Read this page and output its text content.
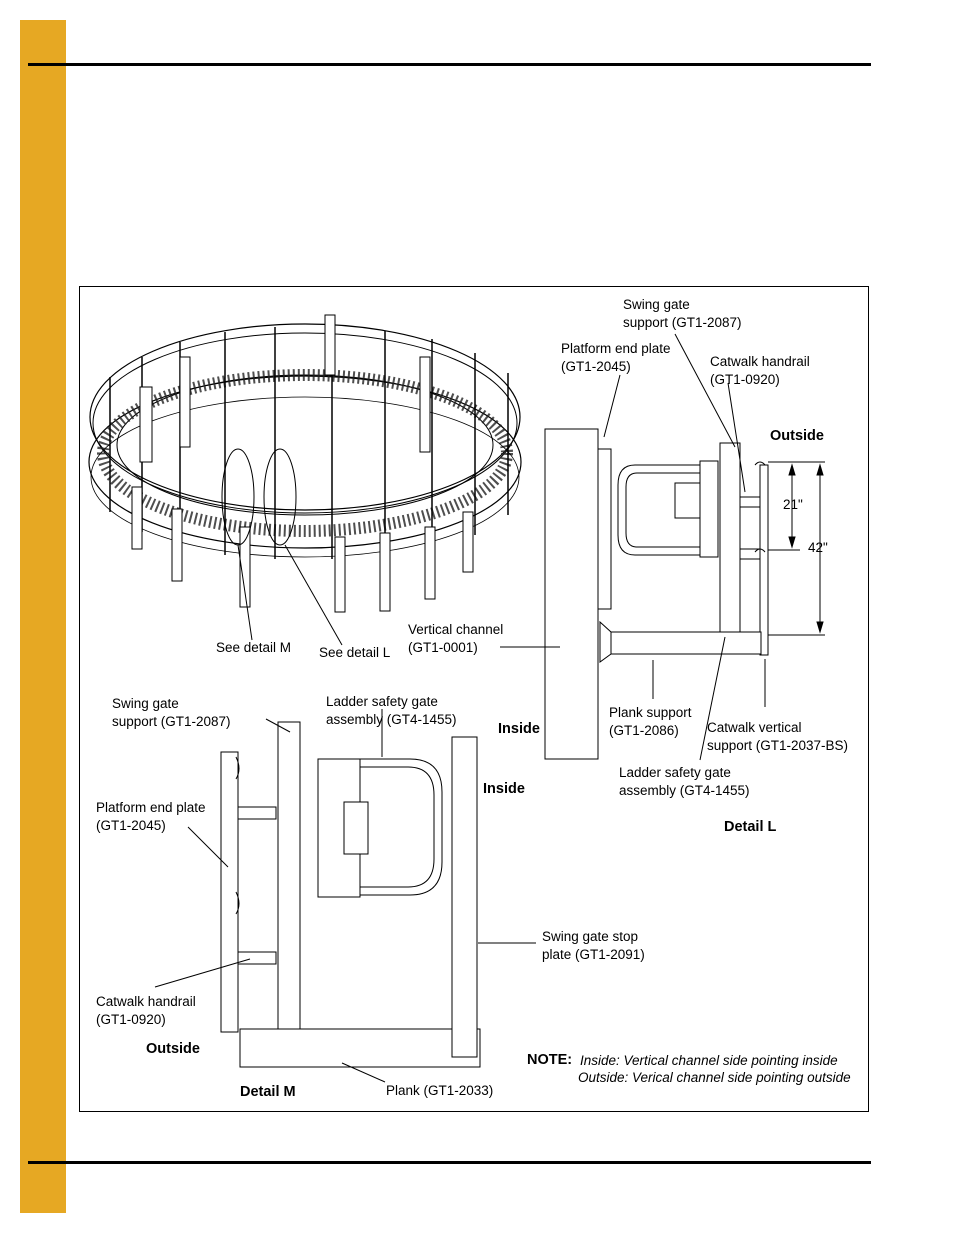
See detail M See detail L
Swing gate
support (GT1-2087)
Platform end plate
(GT1-2045)	Catwalk handrail
(GT1-0920)
Outside
21"
42"
Vertical channel
(GT1-0001)
Inside
Plank support
(GT1-2086) Catwalk vertical
support (GT1-2037-BS)
Ladder safety gate
assembly (GT4-1455)
Detail L
Swing gate
support (GT1-2087)
Ladder safety gate
assembly (GT4-1455)
Inside
Platform end plate
(GT1-2045)
Swing gate stop
plate (GT1-2091)
Catwalk handrail
(GT1-0920)
Outside
Detail M	Plank (GT1-2033)
NOTE: Inside: Vertical channel side pointing inside
Outside: Verical channel side pointing outside
